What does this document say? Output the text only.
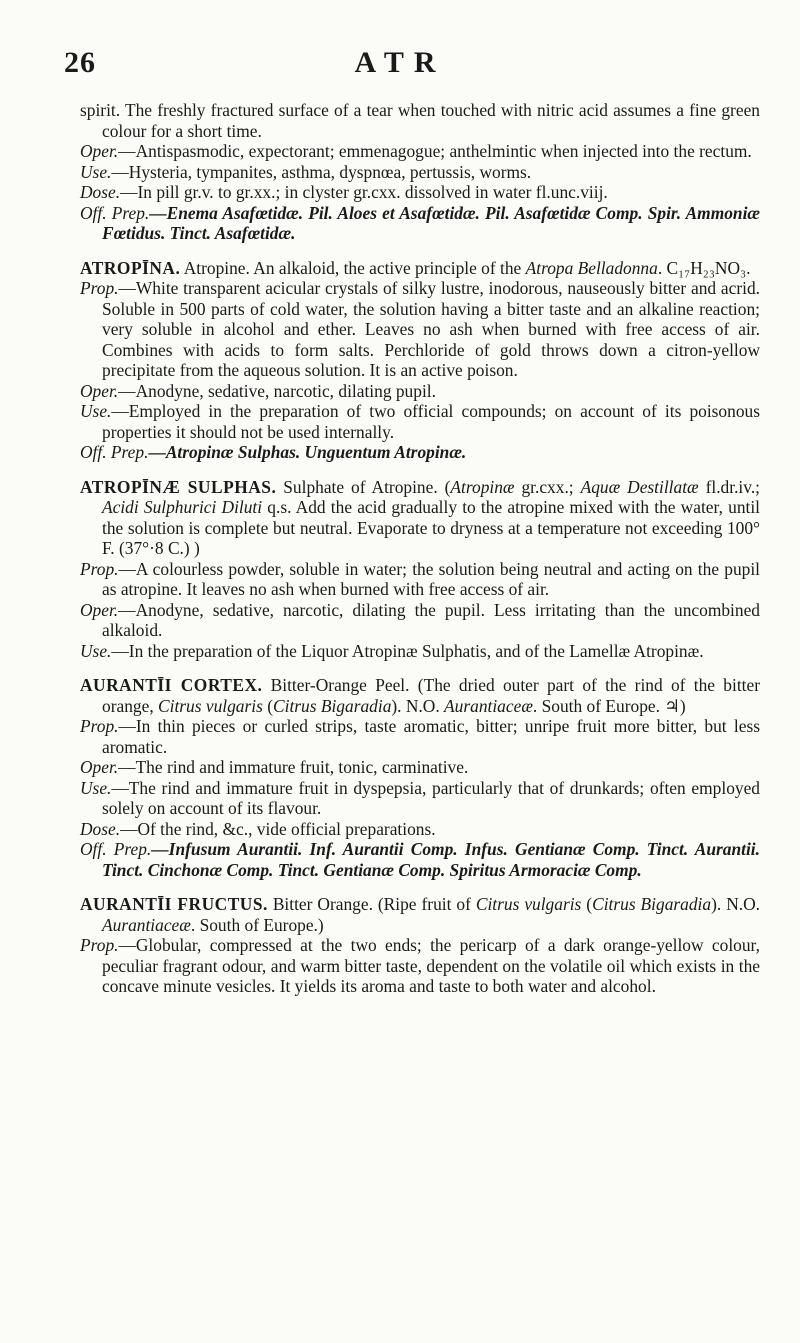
26	ATR

spirit. The freshly fractured surface of a tear when touched with nitric acid assumes a fine green colour for a short time.

Oper.—Antispasmodic, expectorant; emmenagogue; anthelmintic when injected into the rectum.

Use.—Hysteria, tympanites, asthma, dyspnœa, pertussis, worms.

Dose.—In pill gr.v. to gr.xx.; in clyster gr.cxx. dissolved in water fl.unc.viij.

Off. Prep.—Enema Asafœtidæ. Pil. Aloes et Asafœtidæ. Pil. Asafœtidæ Comp. Spir. Ammoniæ Fœtidus. Tinct. Asafœtidæ.

ATROPĪNA. Atropine. An alkaloid, the active principle of the Atropa Belladonna. C₁₇H₂₃NO₃.

Prop.—White transparent acicular crystals of silky lustre, inodorous, nauseously bitter and acrid. Soluble in 500 parts of cold water, the solution having a bitter taste and an alkaline reaction; very soluble in alcohol and ether. Leaves no ash when burned with free access of air. Combines with acids to form salts. Perchloride of gold throws down a citron-yellow precipitate from the aqueous solution. It is an active poison.

Oper.—Anodyne, sedative, narcotic, dilating pupil.

Use.—Employed in the preparation of two official compounds; on account of its poisonous properties it should not be used internally.

Off. Prep.—Atropinæ Sulphas. Unguentum Atropinæ.

ATROPĪNÆ SULPHAS. Sulphate of Atropine. (Atropinæ gr.cxx.; Aquæ Destillatæ fl.dr.iv.; Acidi Sulphurici Diluti q.s. Add the acid gradually to the atropine mixed with the water, until the solution is complete but neutral. Evaporate to dryness at a temperature not exceeding 100° F. (37°·8 C.) )

Prop.—A colourless powder, soluble in water; the solution being neutral and acting on the pupil as atropine. It leaves no ash when burned with free access of air.

Oper.—Anodyne, sedative, narcotic, dilating the pupil. Less irritating than the uncombined alkaloid.

Use.—In the preparation of the Liquor Atropinæ Sulphatis, and of the Lamellæ Atropinæ.

AURANTĪI CORTEX. Bitter-Orange Peel. (The dried outer part of the rind of the bitter orange, Citrus vulgaris (Citrus Bigaradia). N.O. Aurantiaceæ. South of Europe. ♃)

Prop.—In thin pieces or curled strips, taste aromatic, bitter; unripe fruit more bitter, but less aromatic.

Oper.—The rind and immature fruit, tonic, carminative.

Use.—The rind and immature fruit in dyspepsia, particularly that of drunkards; often employed solely on account of its flavour.

Dose.—Of the rind, &c., vide official preparations.

Off. Prep.—Infusum Aurantii. Inf. Aurantii Comp. Infus. Gentianæ Comp. Tinct. Aurantii. Tinct. Cinchonæ Comp. Tinct. Gentianæ Comp. Spiritus Armoraciæ Comp.

AURANTĪI FRUCTUS. Bitter Orange. (Ripe fruit of Citrus vulgaris (Citrus Bigaradia). N.O. Aurantiaceæ. South of Europe.)

Prop.—Globular, compressed at the two ends; the pericarp of a dark orange-yellow colour, peculiar fragrant odour, and warm bitter taste, dependent on the volatile oil which exists in the concave minute vesicles. It yields its aroma and taste to both water and alcohol.
